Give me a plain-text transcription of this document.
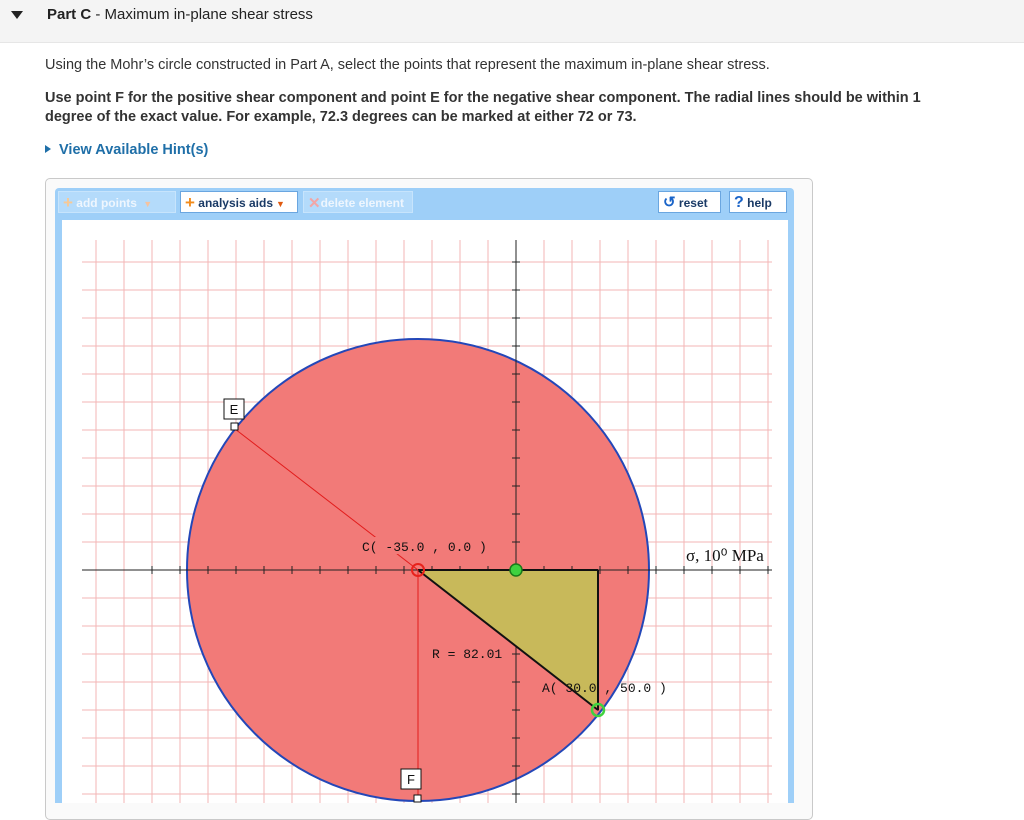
Part C - Maximum in-plane shear stress
Using the Mohr’s circle constructed in Part A, select the points that represent the maximum in-plane shear stress.
Use point F for the positive shear component and point E for the negative shear component. The radial lines should be within 1
degree of the exact value. For example, 72.3 degrees can be marked at either 72 or 73.
View Available Hint(s)
+ add points ▼	+ analysis aids ▼	✕delete element	↺ reset	? help
E
F
C( -35.0 , 0.0 )
R = 82.01
A( 30.0 , 50.0 )
σ, 10⁰ MPa
